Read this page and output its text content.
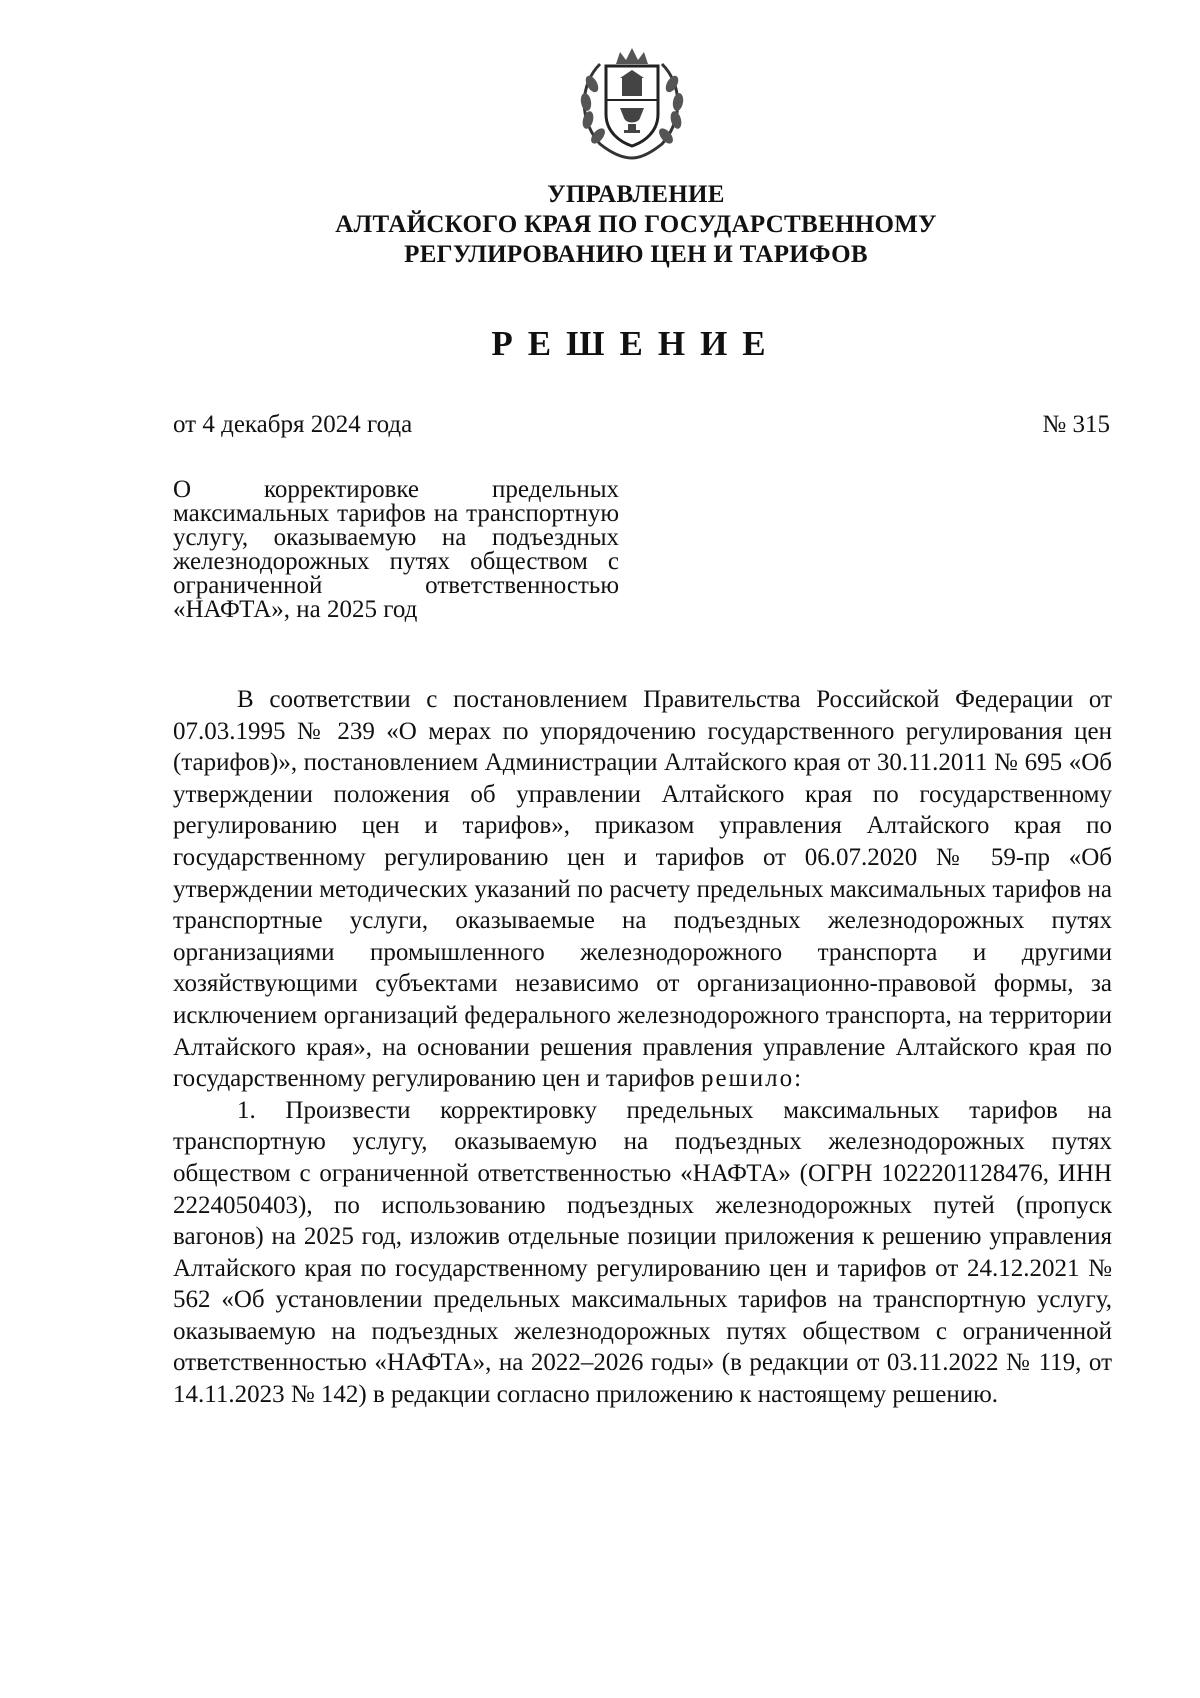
УПРАВЛЕНИЕ
АЛТАЙСКОГО КРАЯ ПО ГОСУДАРСТВЕННОМУ
РЕГУЛИРОВАНИЮ ЦЕН И ТАРИФОВ
РЕШЕНИЕ
от 4 декабря 2024 года	№ 315
О корректировке предельных максимальных тарифов на транспортную услугу, оказываемую на подъездных железнодорожных путях обществом с ограниченной ответственностью «НАФТА», на 2025 год

В соответствии с постановлением Правительства Российской Федерации от 07.03.1995 № 239 «О мерах по упорядочению государственного регулирования цен (тарифов)», постановлением Администрации Алтайского края от 30.11.2011 № 695 «Об утверждении положения об управлении Алтайского края по государственному регулированию цен и тарифов», приказом управления Алтайского края по государственному регулированию цен и тарифов от 06.07.2020 № 59-пр «Об утверждении методических указаний по расчету предельных максимальных тарифов на транспортные услуги, оказываемые на подъездных железнодорожных путях организациями промышленного железнодорожного транспорта и другими хозяйствующими субъектами независимо от организационно-правовой формы, за исключением организаций федерального железнодорожного транспорта, на территории Алтайского края», на основании решения правления управление Алтайского края по государственному регулированию цен и тарифов решило:

1. Произвести корректировку предельных максимальных тарифов на транспортную услугу, оказываемую на подъездных железнодорожных путях обществом с ограниченной ответственностью «НАФТА» (ОГРН 1022201128476, ИНН 2224050403), по использованию подъездных железнодорожных путей (пропуск вагонов) на 2025 год, изложив отдельные позиции приложения к решению управления Алтайского края по государственному регулированию цен и тарифов от 24.12.2021 № 562 «Об установлении предельных максимальных тарифов на транспортную услугу, оказываемую на подъездных железнодорожных путях обществом с ограниченной ответственностью «НАФТА», на 2022–2026 годы» (в редакции от 03.11.2022 № 119, от 14.11.2023 № 142) в редакции согласно приложению к настоящему решению.
